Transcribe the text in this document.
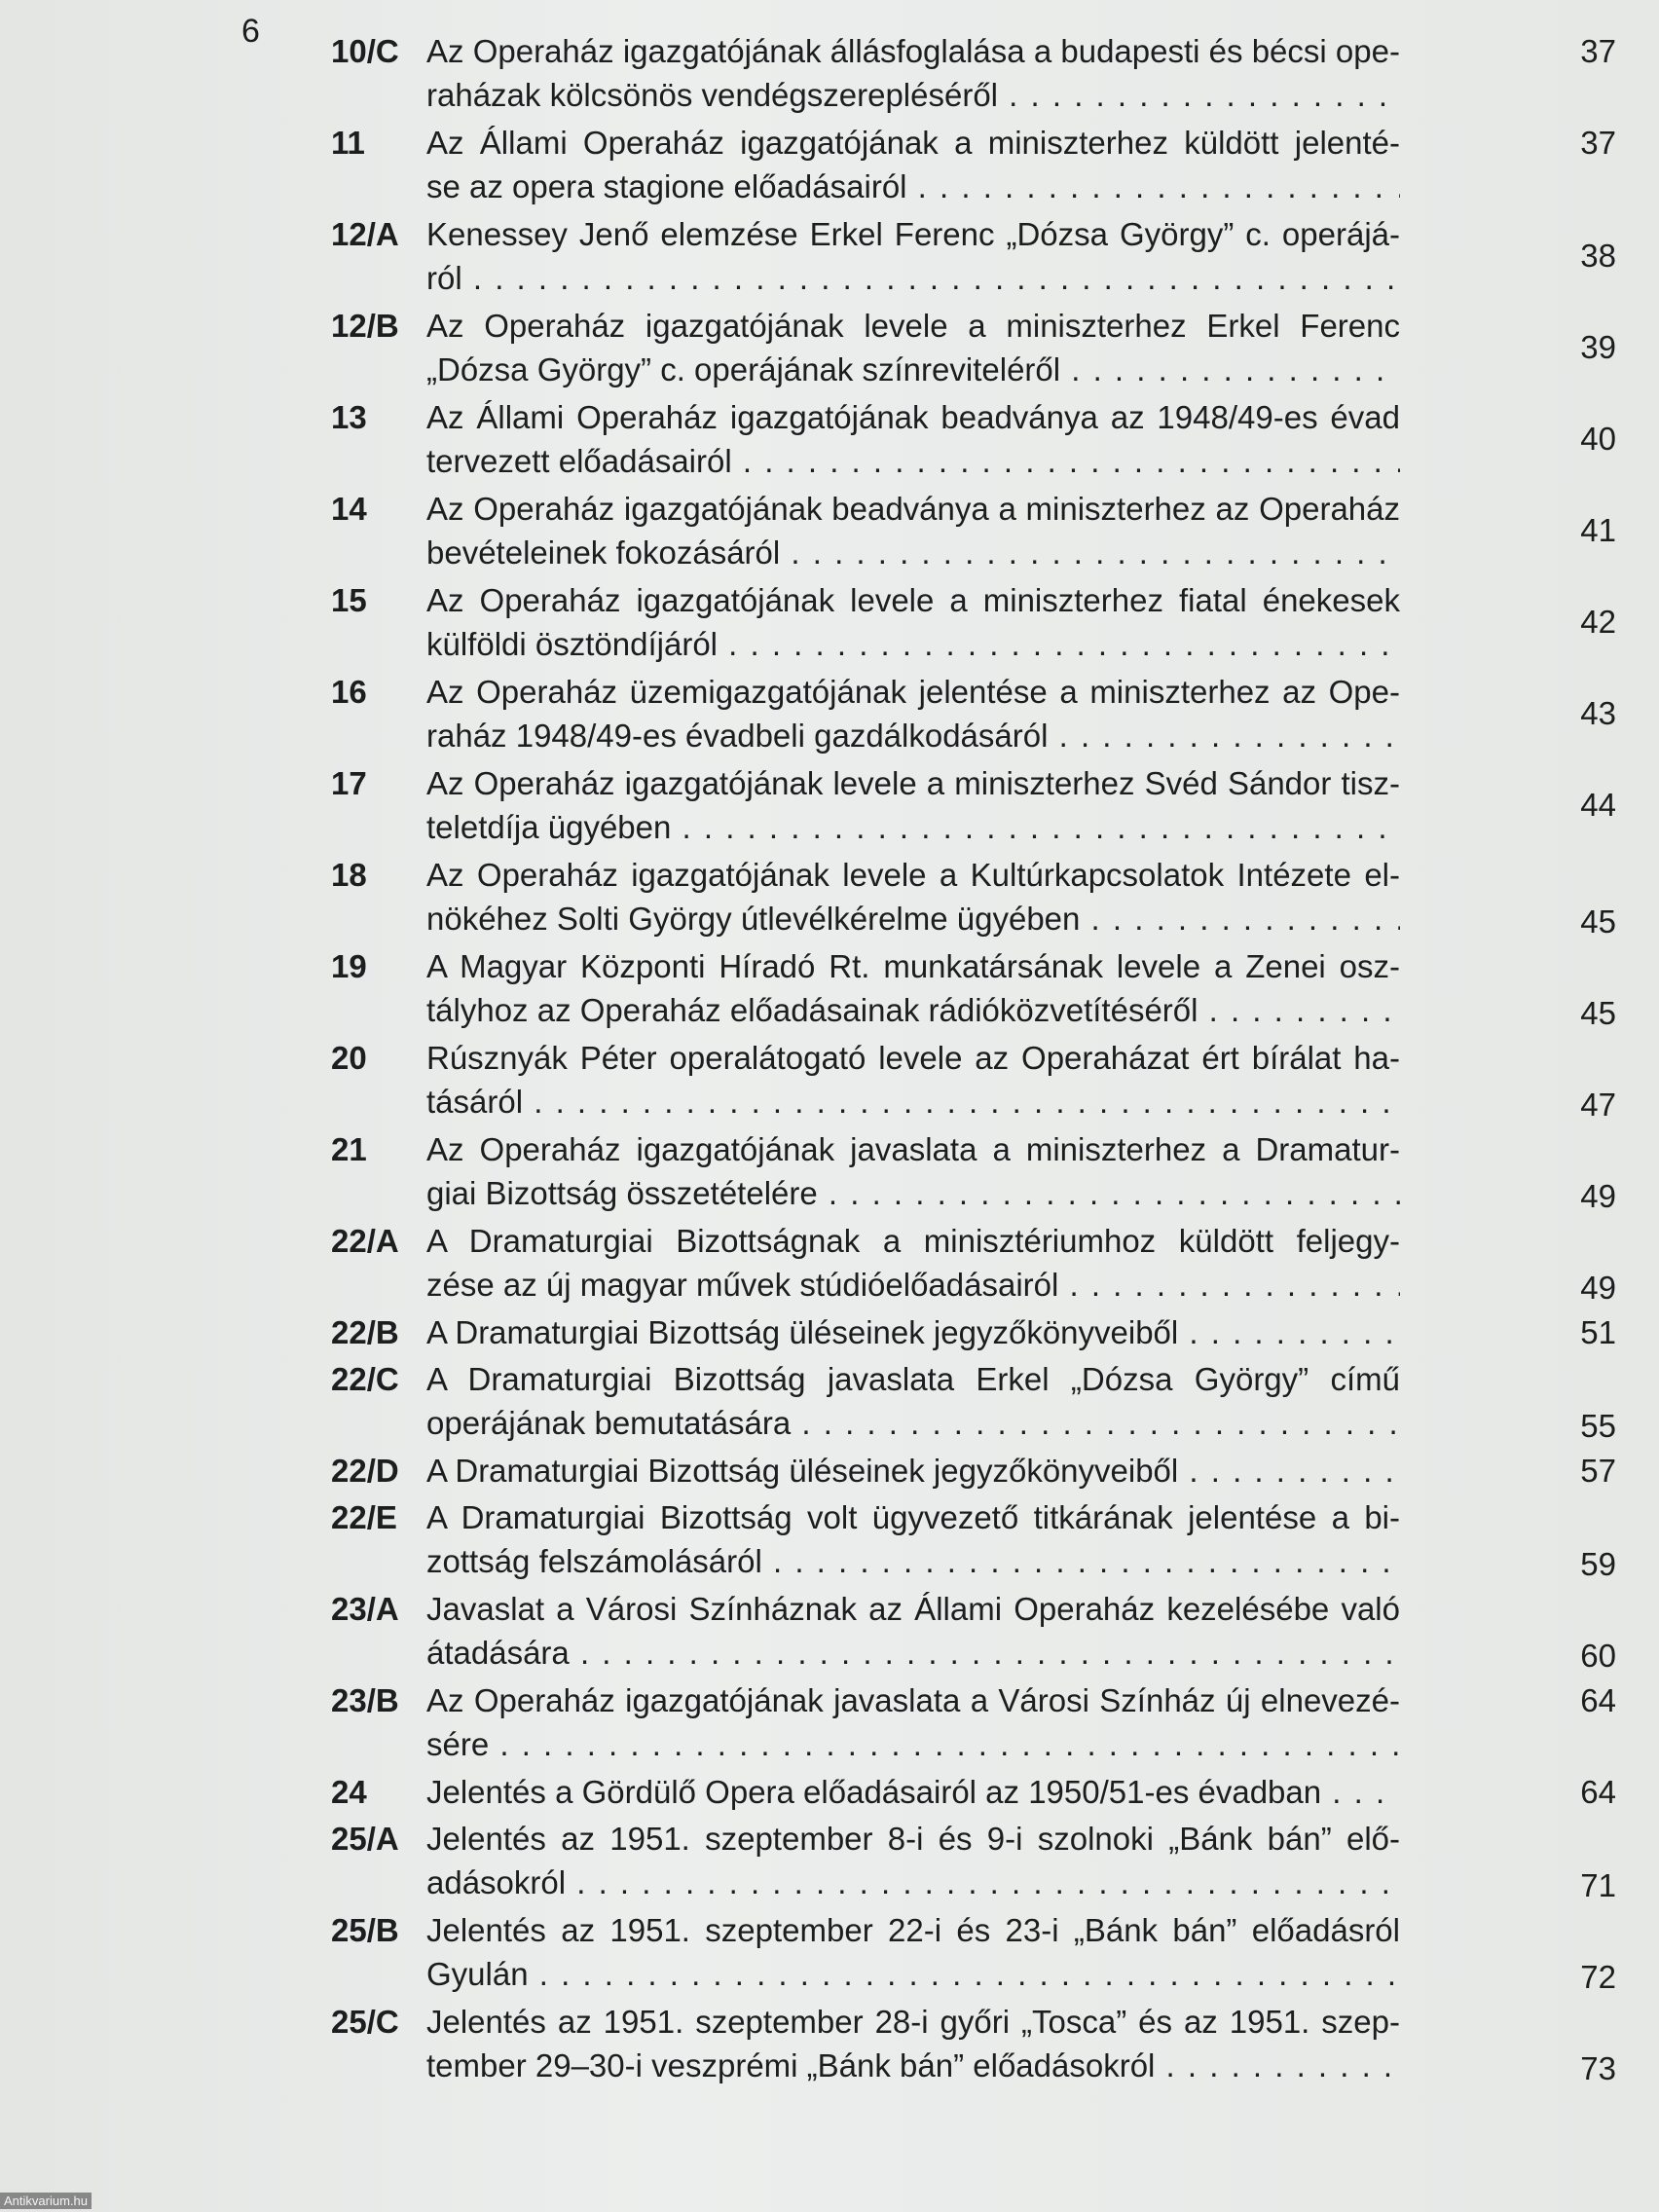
6
10/C Az Operaház igazgatójának állásfoglalása a budapesti és bécsi ope-
raházak kölcsönös vendégszerepléséről . . .
37
11	Az Állami Operaház igazgatójának a miniszterhez küldött jelenté-
se az opera stagione előadásairól . . .
37
12/A Kenessey Jenő elemzése Erkel Ferenc „Dózsa György” c. operájá-
ról . . .
38
12/B Az Operaház igazgatójának levele a miniszterhez Erkel Ferenc
„Dózsa György” c. operájának színreviteléről . . .
39
13	Az Állami Operaház igazgatójának beadványa az 1948/49-es évad
tervezett előadásairól . . .
40
14	Az Operaház igazgatójának beadványa a miniszterhez az Operaház
bevételeinek fokozásáról . . .
41
15	Az Operaház igazgatójának levele a miniszterhez fiatal énekesek
külföldi ösztöndíjáról . . .
42
16	Az Operaház üzemigazgatójának jelentése a miniszterhez az Ope-
raház 1948/49-es évadbeli gazdálkodásáról . . .
43
17	Az Operaház igazgatójának levele a miniszterhez Svéd Sándor tisz-
teletdíja ügyében . . .
44
18	Az Operaház igazgatójának levele a Kultúrkapcsolatok Intézete el-
nökéhez Solti György útlevélkérelme ügyében . . .	45
19	A Magyar Központi Híradó Rt. munkatársának levele a Zenei osz-
tályhoz az Operaház előadásainak rádióközvetítéséről . . .	45
20	Rúsznyák Péter operalátogató levele az Operaházat ért bírálat ha-
tásáról . . .	47
21	Az Operaház igazgatójának javaslata a miniszterhez a Dramatur-
giai Bizottság összetételére . . .	49
22/A A Dramaturgiai Bizottságnak a minisztériumhoz küldött feljegy-
zése az új magyar művek stúdióelőadásairól . . .	49
22/B A Dramaturgiai Bizottság üléseinek jegyzőkönyveiből . . .	51
22/C A Dramaturgiai Bizottság javaslata Erkel „Dózsa György” című
operájának bemutatására . . .	55
22/D A Dramaturgiai Bizottság üléseinek jegyzőkönyveiből . . .	57
22/E A Dramaturgiai Bizottság volt ügyvezető titkárának jelentése a bi-
zottság felszámolásáról . . .	59
23/A Javaslat a Városi Színháznak az Állami Operaház kezelésébe való
átadására . . .	60
23/B Az Operaház igazgatójának javaslata a Városi Színház új elnevezé-
sére . . .
64
24	Jelentés a Gördülő Opera előadásairól az 1950/51-es évadban . . .	64
25/A Jelentés az 1951. szeptember 8-i és 9-i szolnoki „Bánk bán” elő-
adásokról . . .	71
25/B Jelentés az 1951. szeptember 22-i és 23-i „Bánk bán” előadásról
Gyulán . . .	72
25/C Jelentés az 1951. szeptember 28-i győri „Tosca” és az 1951. szep-
tember 29–30-i veszprémi „Bánk bán” előadásokról . . .	73
Antikvarium.hu
